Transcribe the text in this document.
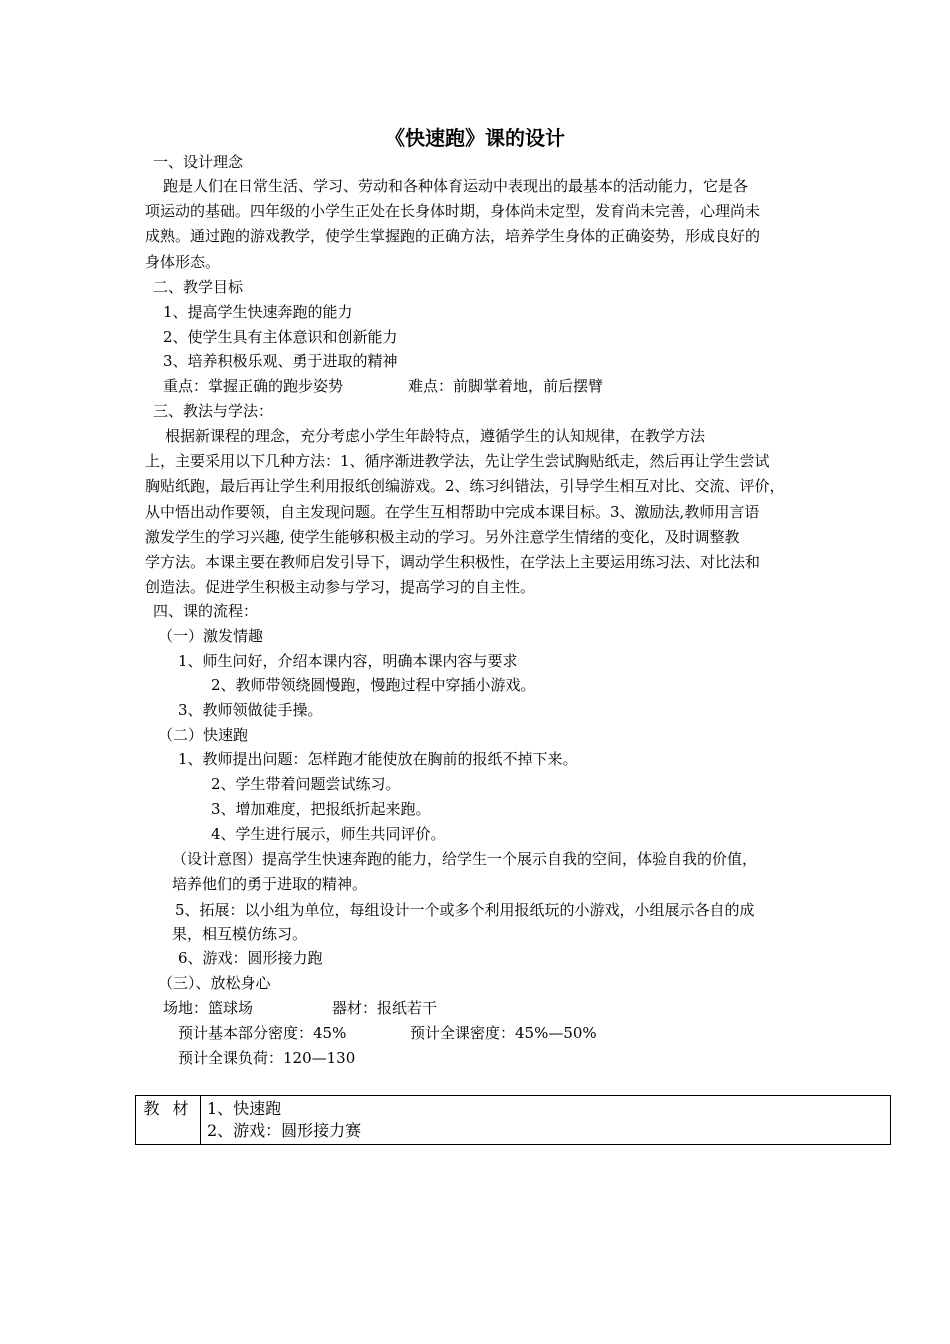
《快速跑》课的设计
一、设计理念
跑是人们在日常生活、学习、劳动和各种体育运动中表现出的最基本的活动能力，它是各
项运动的基础。四年级的小学生正处在长身体时期，身体尚未定型，发育尚未完善，心理尚未
成熟。通过跑的游戏教学，使学生掌握跑的正确方法，培养学生身体的正确姿势，形成良好的
身体形态。
二、教学目标
1、提高学生快速奔跑的能力
2、使学生具有主体意识和创新能力
3、培养积极乐观、勇于进取的精神
重点：掌握正确的跑步姿势	难点：前脚掌着地，前后摆臂
三、教法与学法：
根据新课程的理念，充分考虑小学生年龄特点，遵循学生的认知规律，在教学方法
上，主要采用以下几种方法：1、循序渐进教学法，先让学生尝试胸贴纸走，然后再让学生尝试
胸贴纸跑，最后再让学生利用报纸创编游戏。2、练习纠错法，引导学生相互对比、交流、评价，
从中悟出动作要领，自主发现问题。在学生互相帮助中完成本课目标。3、激励法,教师用言语
激发学生的学习兴趣, 使学生能够积极主动的学习。另外注意学生情绪的变化，及时调整教
学方法。本课主要在教师启发引导下，调动学生积极性，在学法上主要运用练习法、对比法和
创造法。促进学生积极主动参与学习，提高学习的自主性。
四、课的流程：
（一）激发情趣
1、师生问好，介绍本课内容，明确本课内容与要求
2、教师带领绕圆慢跑，慢跑过程中穿插小游戏。
3、教师领做徒手操。
（二）快速跑
1、教师提出问题：怎样跑才能使放在胸前的报纸不掉下来。
2、学生带着问题尝试练习。
3、增加难度，把报纸折起来跑。
4、学生进行展示，师生共同评价。
（设计意图）提高学生快速奔跑的能力，给学生一个展示自我的空间，体验自我的价值，
培养他们的勇于进取的精神。
5、拓展：以小组为单位，每组设计一个或多个利用报纸玩的小游戏，小组展示各自的成
果，相互模仿练习。
6、游戏：圆形接力跑
（三）、放松身心
场地：篮球场	器材：报纸若干
预计基本部分密度：45%	预计全课密度：45%—50%
预计全课负荷：120—130
教 材	1、快速跑
2、游戏：圆形接力赛
